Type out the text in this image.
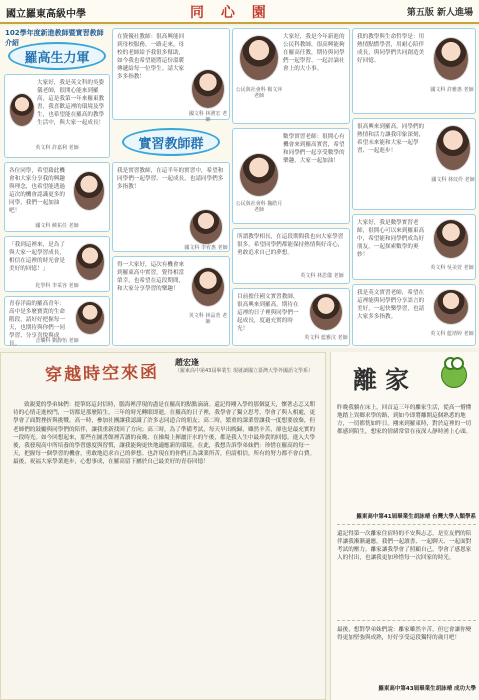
國立羅東高級中學	同 心 園	第五版 新人進場
102學年度新進教師暨實習教師介紹
羅高生力軍

大家好，我是英文科的吳姿儀老師，很開心能來到羅高，這是我第一年來羅東教書，我喜歡這裡的環境及學生，也希望能在羅高的教學生活中，與大家一起成長！

英文科 許嘉利 老師

各位同學，希望藉此機會和大家分享我的興趣與理念，也希望能透過這次的機會認識更多的同學，我們一起加油吧！

國文科 饒祐任 老師

「我到這裡來，是為了與大家一起學習成長，相信在這裡的時光會是美好的回憶！」

化學科 李采容 老師

青春洋溢的羅高青年：高中是多麼寶貴的生命階段，請好好把握每一天，也期待與你們一同學習、分享喜悅與成長。	音樂科 劉靜怡 老師

在資優社教師：很高興能回到母校服務，一路走來，母校的老師給予我很多幫助，如今我也希望能將這份溫暖傳遞給每一位學生。請大家多多指教！

國文科 林濱宏 老師
實習教師群

我是實習教師，在這半年的實習中，希望和同學們一起學習、一起成長，也請同學們多多指教！

國文科 李宥惠 老師

得一大家好，這次有機會來到羅東高中實習，覺得相當榮幸，也希望在這段期間，和大家分享學習的樂趣！

英文科 林品萱 老師

大家好，我是今年新進的公民科教師，很高興能夠在羅高任教，期待與同學們一起學習、一起討論社會上的大小事。

公民與社會科 楊文萍 老師

數學實習老師：很開心有機會來到羅高實習，希望和同學們一起享受數學的樂趣，大家一起加油！

公民與社會科 魏皓月 老師

所謂教學相長，在這段期間我也向大家學習很多，希望同學們都能保持熱情與好奇心，勇敢追求自己的夢想。

英文科 林思儀 老師

目前擔任國文實習教師，很高興來到羅高，期待在這裡的日子裡與同學們一起成長，度過充實的時光！

英文科 藍雅汶 老師

我的教學與生命哲學是：用熱情點燃學習，用耐心陪伴成長，與同學們共同創造美好回憶。

國文科 許雅惠 老師

很高興來到羅高，同學們的熱情和活力讓我印象深刻，希望未來能和大家一起學習、一起進步！

國文科 林玟伶 老師

大家好，我是數學實習老師，很開心可以來到羅東高中，希望能和同學們成為好朋友，一起探索數學的奧妙！

英文科 吳美萱 老師

我是英文實習老師，希望在這裡能與同學們分享語言的美好，一起快樂學習，也請大家多多指教。

英文科 藍靖婷 老師
穿越時空來函
趙宏逢
（羅東高中第43屆畢業生 現就讀國立臺灣大學外國語文學系）
致親愛的學弟妹們：提筆寫這封信時，腦海裡浮現的盡是在羅高的點點滴滴。還記得剛入學的那個夏天，懷著忐忑又期待的心情走進校門，一切都是那麼陌生。三年的時光轉眼即逝，在羅高的日子裡，我學會了獨立思考，學會了與人相處，更學會了面對挫折與挑戰。高一時，參加社團讓我認識了許多志同道合的朋友；高二時，繁重的課業曾讓我一度想要放棄，但老師們的鼓勵與同學們的陪伴，讓我重新找回了方向；高三時，為了準備考試，每天早出晚歸，雖然辛苦，卻也是最充實的一段時光。如今回想起來，那些在圖書館裡苦讀的夜晚、在操場上揮灑汗水的午後，都是我人生中最珍貴的回憶。進入大學後，我發現高中所培養的學習態度與習慣，讓我能夠更快地適應新的環境。在此，我想告訴學弟妹們：珍惜在羅高的每一天，把握每一個學習的機會，勇敢地追求自己的夢想。也許現在的你們正為課業所苦，但請相信，所有的努力都不會白費。最後，祝福大家學業進步，心想事成，在羅高留下屬於自己最美好的青春回憶！
離家
昨晚我躺在床上，回首這三年的離家生活，從高一懵懂地踏上異鄉求學的路，到如今即將離開這個熟悉的地方，一切都恍如昨日。剛來到羅東時，對於這裡的一切都感到陌生，想家的情緒常常在夜深人靜時湧上心頭。
羅東高中第41屆畢業生胡詠晴 台灣大學人類學系
還記得第一次離家住宿時的不安與忐忑，是室友們的陪伴讓我漸漸適應，我們一起讀書、一起聊天、一起面對考試的壓力。離家讓我學會了照顧自己，學會了感恩家人的付出，也讓我更加珍惜每一次回家的時光。
最後，想對學弟妹們說：離家雖然辛苦，但它會讓你變得更加堅強與成熟，好好享受這段獨特的歲月吧！
羅東高中第43屆畢業生胡詠晴 成功大學
